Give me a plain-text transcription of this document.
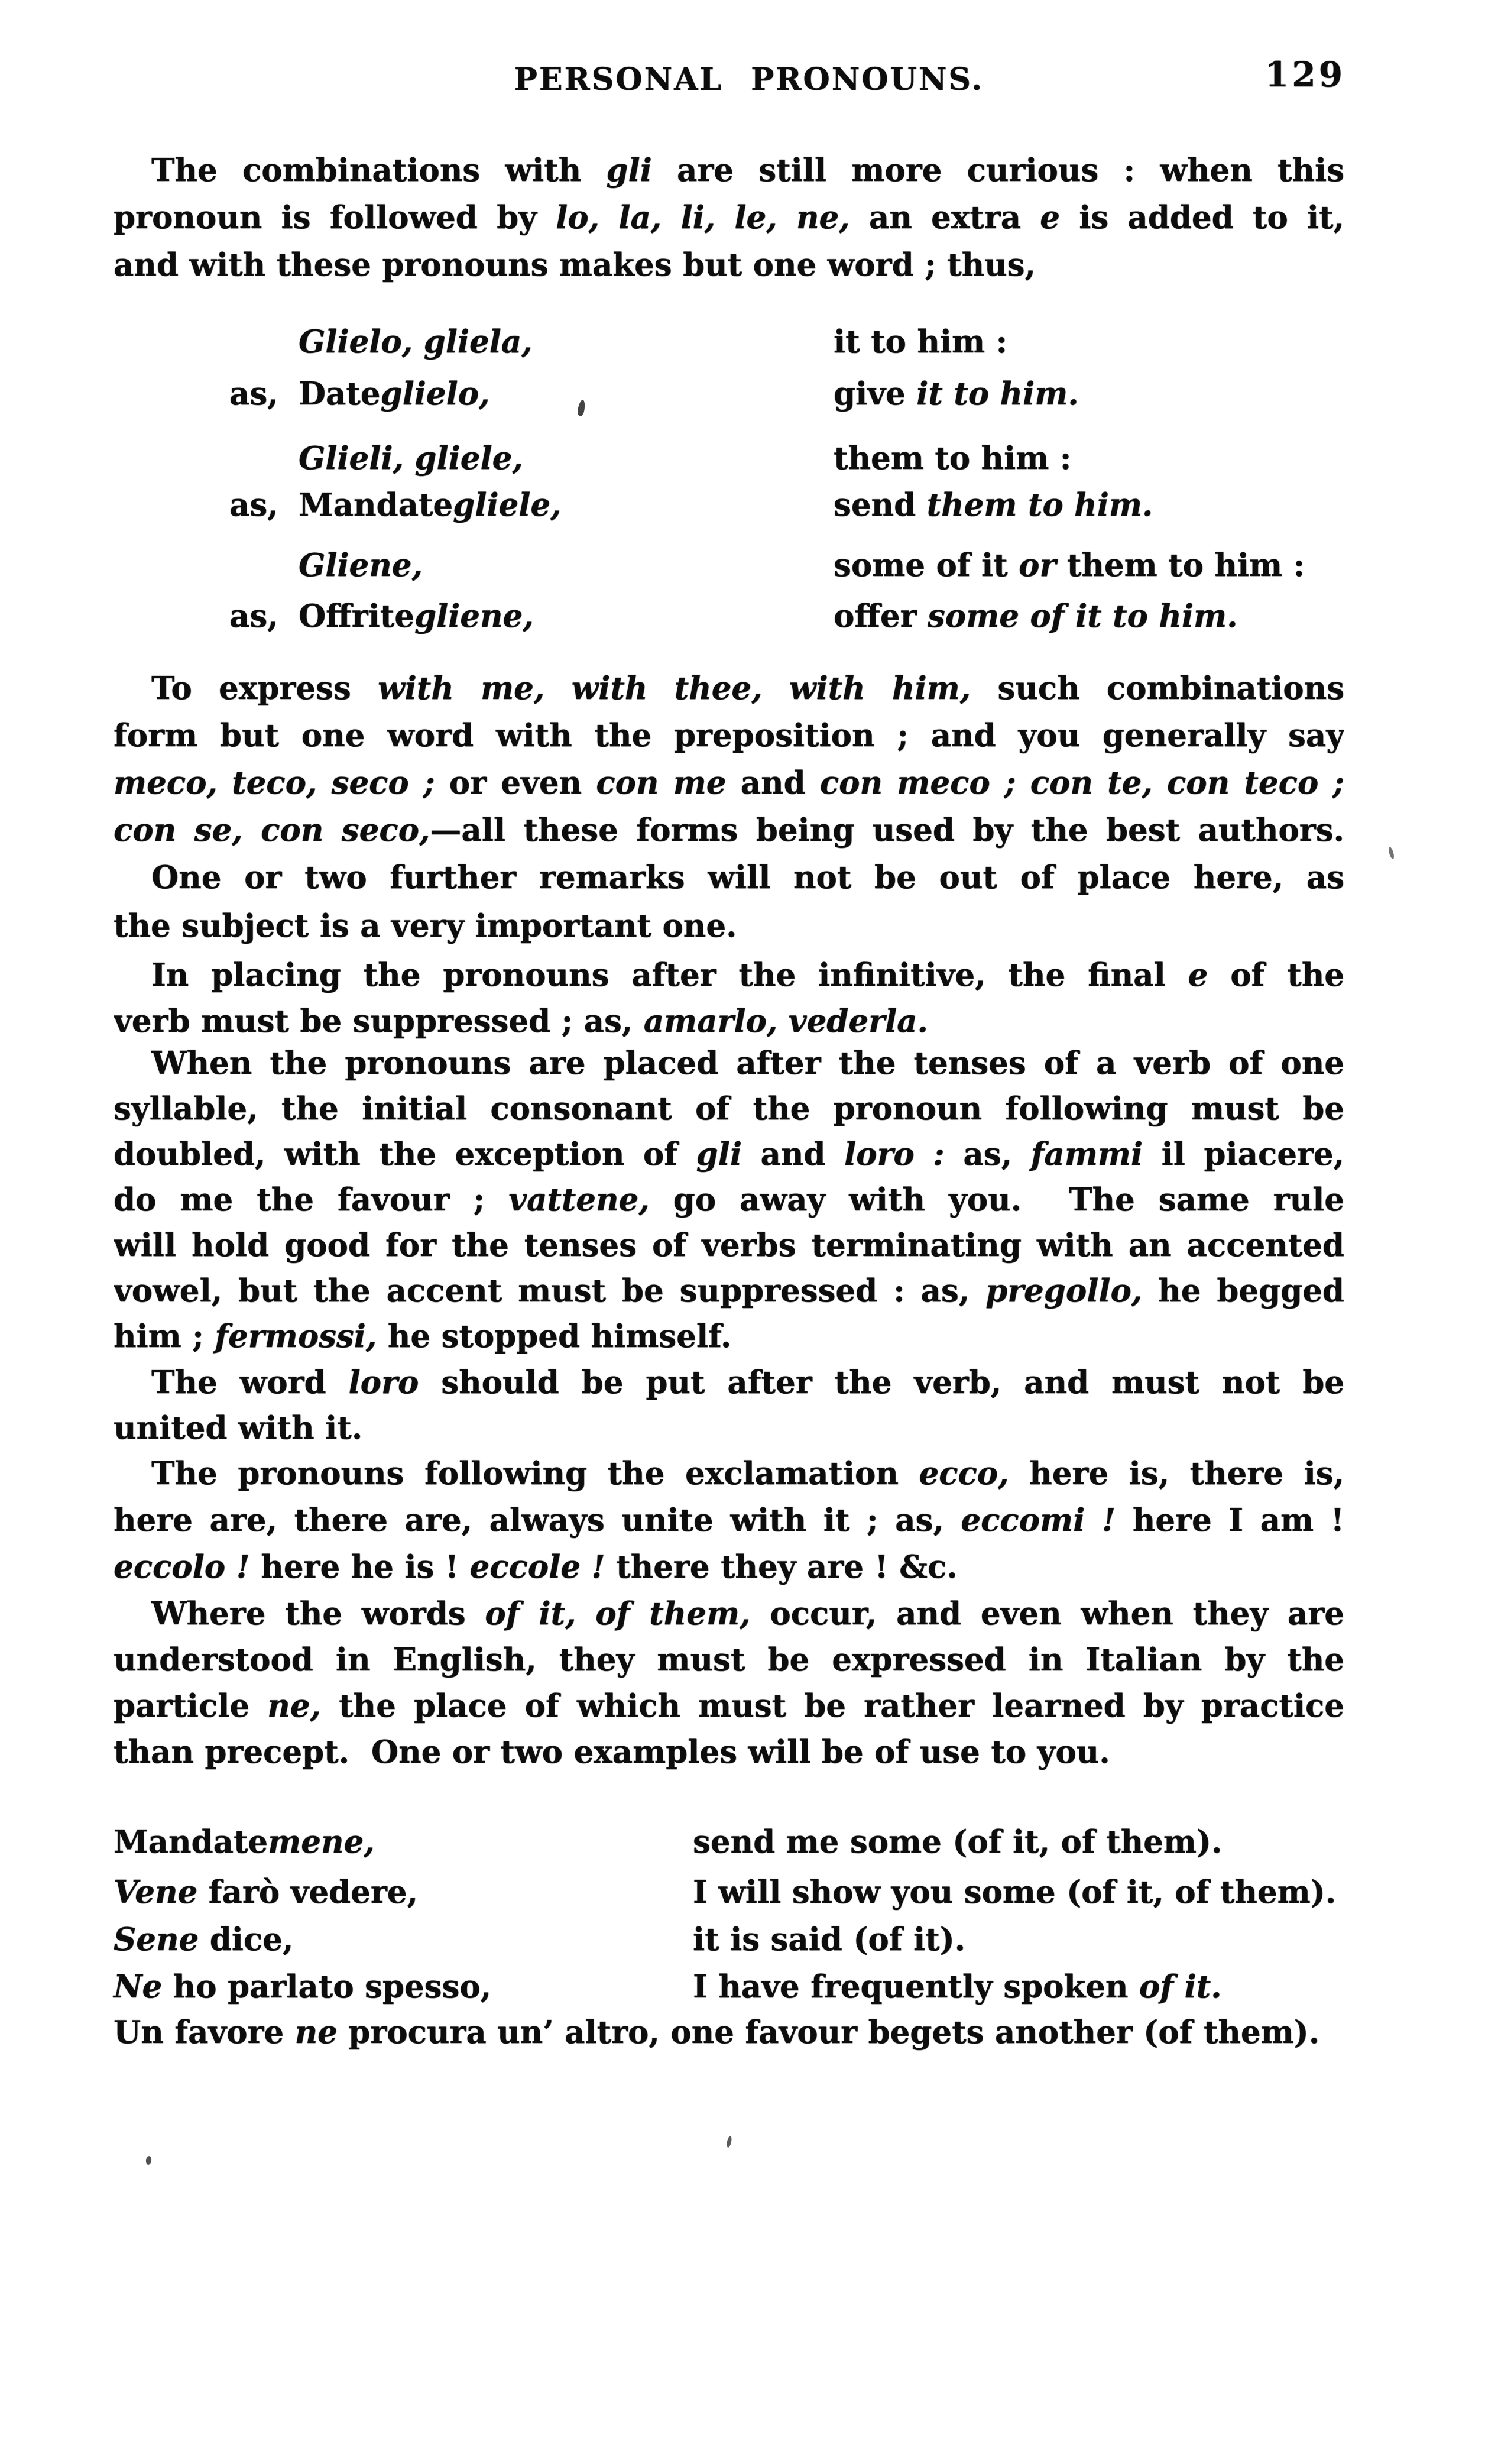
PERSONAL PRONOUNS.	129
The combinations with gli are still more curious : when this
pronoun is followed by lo, la, li, le, ne, an extra e is added to it,
and with these pronouns makes but one word ; thus,
To express with me, with thee, with him, such combinations
form but one word with the preposition ; and you generally say
meco, teco, seco ; or even con me and con meco ; con te, con teco ;
con se, con seco,—all these forms being used by the best authors.
One or two further remarks will not be out of place here, as
the subject is a very important one.
In placing the pronouns after the infinitive, the final e of the
verb must be suppressed ; as, amarlo, vederla.
When the pronouns are placed after the tenses of a verb of one
syllable, the initial consonant of the pronoun following must be
doubled, with the exception of gli and loro : as, fammi il piacere,
do me the favour ; vattene, go away with you.  The same rule
will hold good for the tenses of verbs terminating with an accented
vowel, but the accent must be suppressed : as, pregollo, he begged
him ; fermossi, he stopped himself.
The word loro should be put after the verb, and must not be
united with it.
The pronouns following the exclamation ecco, here is, there is,
here are, there are, always unite with it ; as, eccomi ! here I am !
eccolo ! here he is ! eccole ! there they are ! &c.
Where the words of it, of them, occur, and even when they are
understood in English, they must be expressed in Italian by the
particle ne, the place of which must be rather learned by practice
than precept.  One or two examples will be of use to you.
Glielo, gliela,	it to him :
as, Dateglielo,	give it to him.
Glieli, gliele,	them to him :
as, Mandategliele,	send them to him.
Gliene,	some of it or them to him :
as, Offritegliene,	offer some of it to him.
Mandatemene,	send me some (of it, of them).
Vene farò vedere,	I will show you some (of it, of them).
Sene dice,	it is said (of it).
Ne ho parlato spesso,	I have frequently spoken of it.
Un favore ne procura un’ altro, one favour begets another (of them).
